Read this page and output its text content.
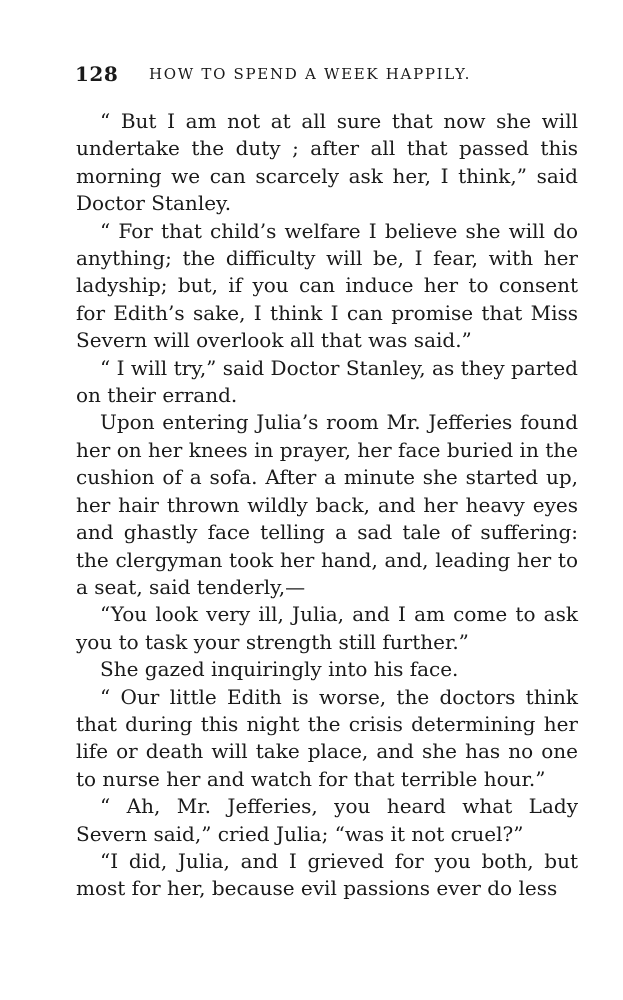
128 HOW TO SPEND A WEEK HAPPILY.

“ But I am not at all sure that now she will undertake the duty ; after all that passed this morning we can scarcely ask her, I think,” said Doctor Stanley.

“ For that child’s welfare I believe she will do anything; the difficulty will be, I fear, with her ladyship; but, if you can induce her to consent for Edith’s sake, I think I can promise that Miss Severn will overlook all that was said.”

“ I will try,” said Doctor Stanley, as they parted on their errand.

Upon entering Julia’s room Mr. Jefferies found her on her knees in prayer, her face buried in the cushion of a sofa. After a minute she started up, her hair thrown wildly back, and her heavy eyes and ghastly face telling a sad tale of suffering: the clergyman took her hand, and, leading her to a seat, said tenderly,—

“You look very ill, Julia, and I am come to ask you to task your strength still further.”

She gazed inquiringly into his face.

“ Our little Edith is worse, the doctors think that during this night the crisis determining her life or death will take place, and she has no one to nurse her and watch for that terrible hour.”

“ Ah, Mr. Jefferies, you heard what Lady Severn said,” cried Julia; “was it not cruel?”

“I did, Julia, and I grieved for you both, but most for her, because evil passions ever do less
